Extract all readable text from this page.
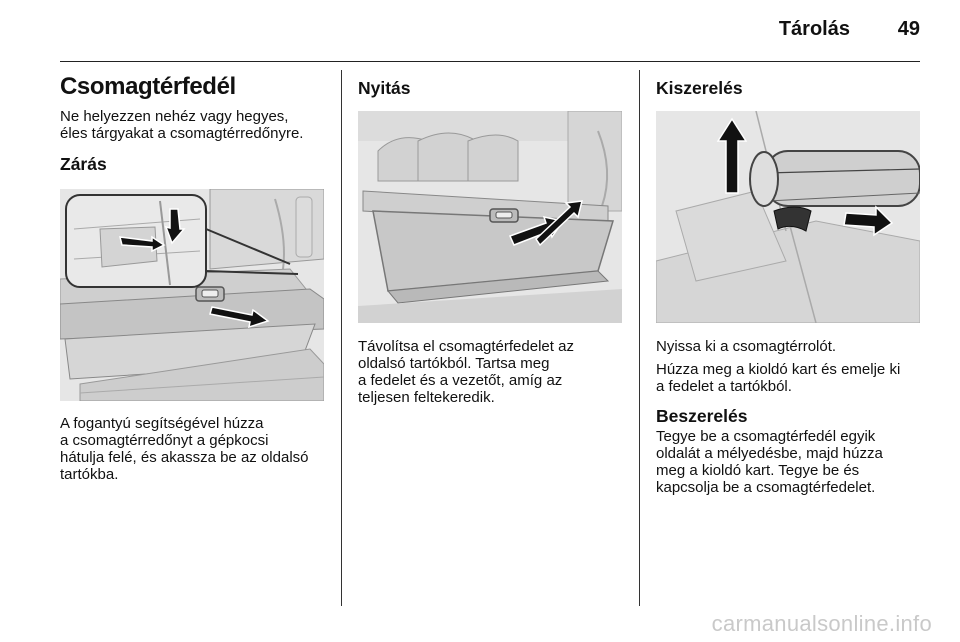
Tárolás	49
Csomagtérfedél

Ne helyezzen nehéz vagy hegyes,

éles tárgyakat a csomagtérredőnyre.

Zárás

A fogantyú segítségével húzza

a csomagtérredőnyt a gépkocsi

hátulja felé, és akassza be az oldalsó

tartókba.

Nyitás

Távolítsa el csomagtérfedelet az

oldalsó tartókból. Tartsa meg

a fedelet és a vezetőt, amíg az

teljesen feltekeredik.

Kiszerelés

Nyissa ki a csomagtérrolót.

Húzza meg a kioldó kart és emelje ki

a fedelet a tartókból.

Beszerelés

Tegye be a csomagtérfedél egyik

oldalát a mélyedésbe, majd húzza

meg a kioldó kart. Tegye be és

kapcsolja be a csomagtérfedelet.

carmanualsonline.info
